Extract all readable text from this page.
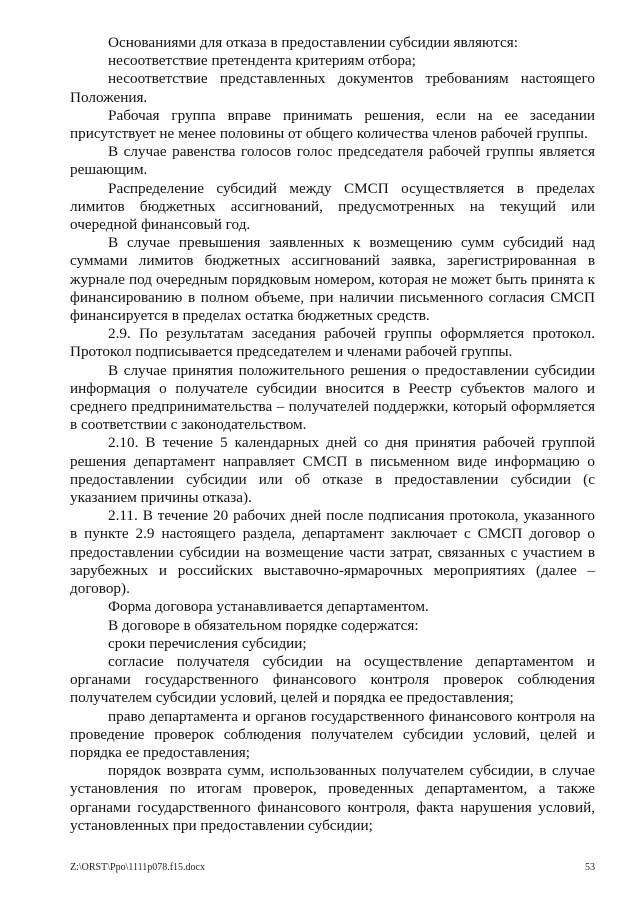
Основаниями для отказа в предоставлении субсидии являются:

несоответствие претендента критериям отбора;

несоответствие представленных документов требованиям настоящего Положения.

Рабочая группа вправе принимать решения, если на ее заседании присутствует не менее половины от общего количества членов рабочей группы.

В случае равенства голосов голос председателя рабочей группы является решающим.

Распределение субсидий между СМСП осуществляется в пределах лимитов бюджетных ассигнований, предусмотренных на текущий или очередной финансовый год.

В случае превышения заявленных к возмещению сумм субсидий над суммами лимитов бюджетных ассигнований заявка, зарегистрированная в журнале под очередным порядковым номером, которая не может быть принята к финансированию в полном объеме, при наличии письменного согласия СМСП финансируется в пределах остатка бюджетных средств.

2.9. По результатам заседания рабочей группы оформляется протокол. Протокол подписывается председателем и членами рабочей группы.

В случае принятия положительного решения о предоставлении субсидии информация о получателе субсидии вносится в Реестр субъектов малого и среднего предпринимательства – получателей поддержки, который оформляется в соответствии с законодательством.

2.10. В течение 5 календарных дней со дня принятия рабочей группой решения департамент направляет СМСП в письменном виде информацию о предоставлении субсидии или об отказе в предоставлении субсидии (с указанием причины отказа).

2.11. В течение 20 рабочих дней после подписания протокола, указанного в пункте 2.9 настоящего раздела, департамент заключает с СМСП договор о предоставлении субсидии на возмещение части затрат, связанных с участием в зарубежных и российских выставочно-ярмарочных мероприятиях (далее – договор).

Форма договора устанавливается департаментом.

В договоре в обязательном порядке содержатся:

сроки перечисления субсидии;

согласие получателя субсидии на осуществление департаментом и органами государственного финансового контроля проверок соблюдения получателем субсидии условий, целей и порядка ее предоставления;

право департамента и органов государственного финансового контроля на проведение проверок соблюдения получателем субсидии условий, целей и порядка ее предоставления;

порядок возврата сумм, использованных получателем субсидии, в случае установления по итогам проверок, проведенных департаментом, а также органами государственного финансового контроля, факта нарушения условий, установленных при предоставлении субсидии;

Z:\ORST\Ppo\1111p078.f15.docx	53
